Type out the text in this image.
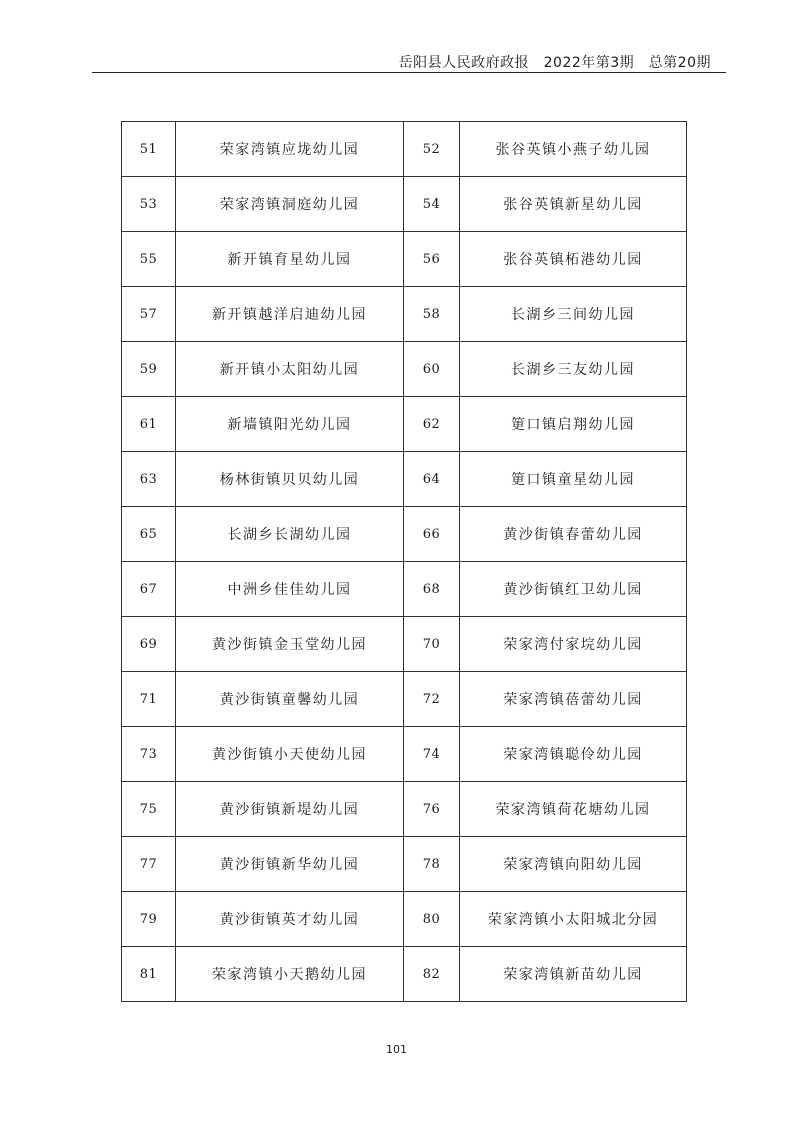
岳阳县人民政府政报　2022年第3期　总第20期
51	荣家湾镇应垅幼儿园	52	张谷英镇小燕子幼儿园
53	荣家湾镇洞庭幼儿园	54	张谷英镇新星幼儿园
55	新开镇育星幼儿园	56	张谷英镇柘港幼儿园
57	新开镇越洋启迪幼儿园	58	长湖乡三间幼儿园
59	新开镇小太阳幼儿园	60	长湖乡三友幼儿园
61	新墙镇阳光幼儿园	62	筻口镇启翔幼儿园
63	杨林街镇贝贝幼儿园	64	筻口镇童星幼儿园
65	长湖乡长湖幼儿园	66	黄沙街镇春蕾幼儿园
67	中洲乡佳佳幼儿园	68	黄沙街镇红卫幼儿园
69	黄沙街镇金玉堂幼儿园	70	荣家湾付家垸幼儿园
71	黄沙街镇童馨幼儿园	72	荣家湾镇蓓蕾幼儿园
73	黄沙街镇小天使幼儿园	74	荣家湾镇聪伶幼儿园
75	黄沙街镇新堤幼儿园	76	荣家湾镇荷花塘幼儿园
77	黄沙街镇新华幼儿园	78	荣家湾镇向阳幼儿园
79	黄沙街镇英才幼儿园	80	荣家湾镇小太阳城北分园
81	荣家湾镇小天鹅幼儿园	82	荣家湾镇新苗幼儿园
101
